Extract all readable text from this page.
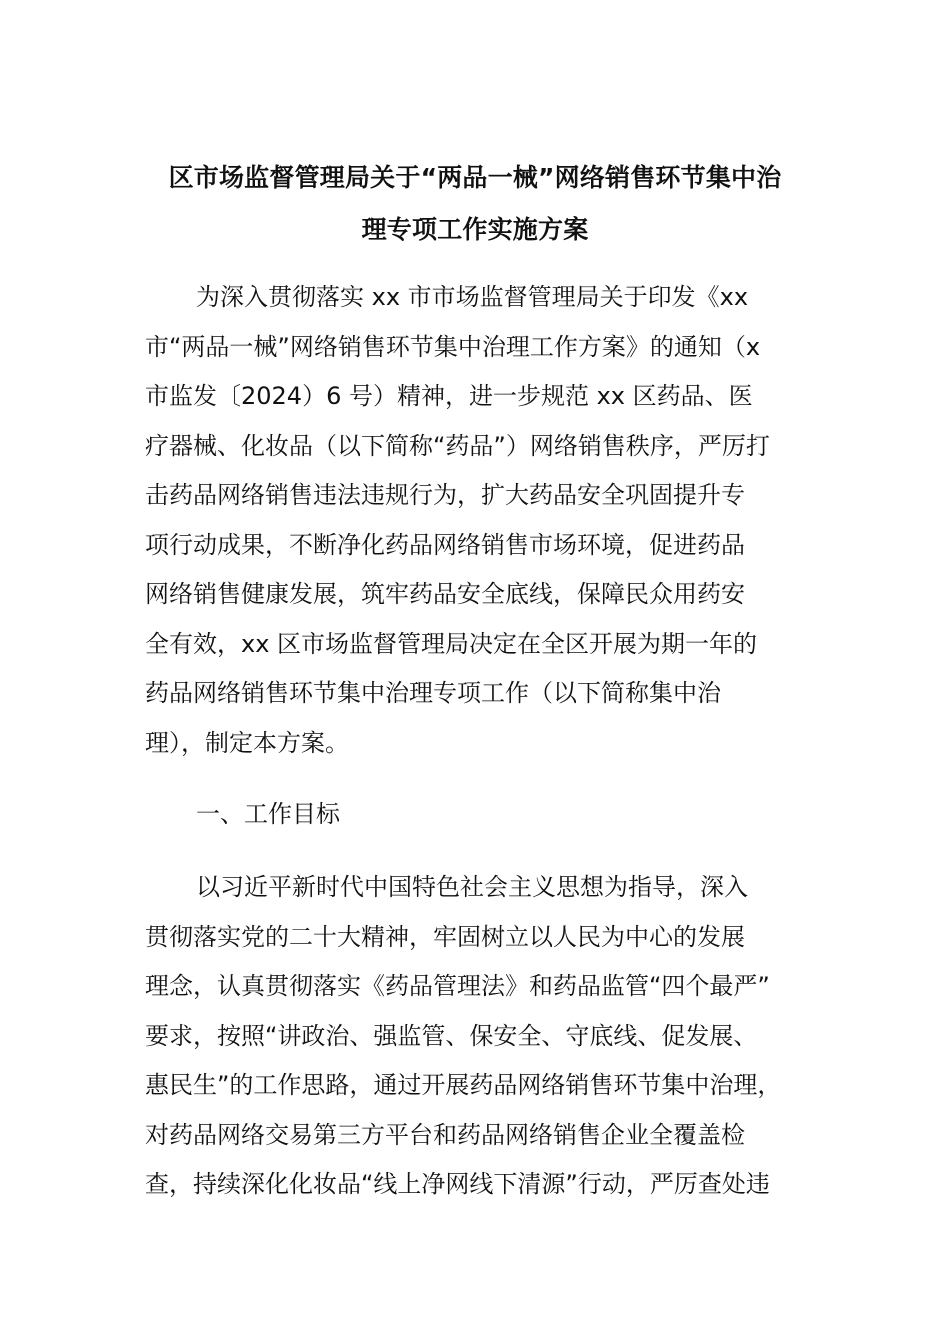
区市场监督管理局关于“两品一械”网络销售环节集中治
理专项工作实施方案
为深入贯彻落实 xx 市市场监督管理局关于印发《xx
市“两品一械”网络销售环节集中治理工作方案》的通知（x
市监发〔2024）6 号）精神，进一步规范 xx 区药品、医
疗器械、化妆品（以下简称“药品”）网络销售秩序，严厉打
击药品网络销售违法违规行为，扩大药品安全巩固提升专
项行动成果，不断净化药品网络销售市场环境，促进药品
网络销售健康发展，筑牢药品安全底线，保障民众用药安
全有效，xx 区市场监督管理局决定在全区开展为期一年的
药品网络销售环节集中治理专项工作（以下简称集中治
理），制定本方案。
一、工作目标
以习近平新时代中国特色社会主义思想为指导，深入
贯彻落实党的二十大精神，牢固树立以人民为中心的发展
理念，认真贯彻落实《药品管理法》和药品监管“四个最严”
要求，按照“讲政治、强监管、保安全、守底线、促发展、
惠民生”的工作思路，通过开展药品网络销售环节集中治理，
对药品网络交易第三方平台和药品网络销售企业全覆盖检
查，持续深化化妆品“线上净网线下清源”行动，严厉查处违
